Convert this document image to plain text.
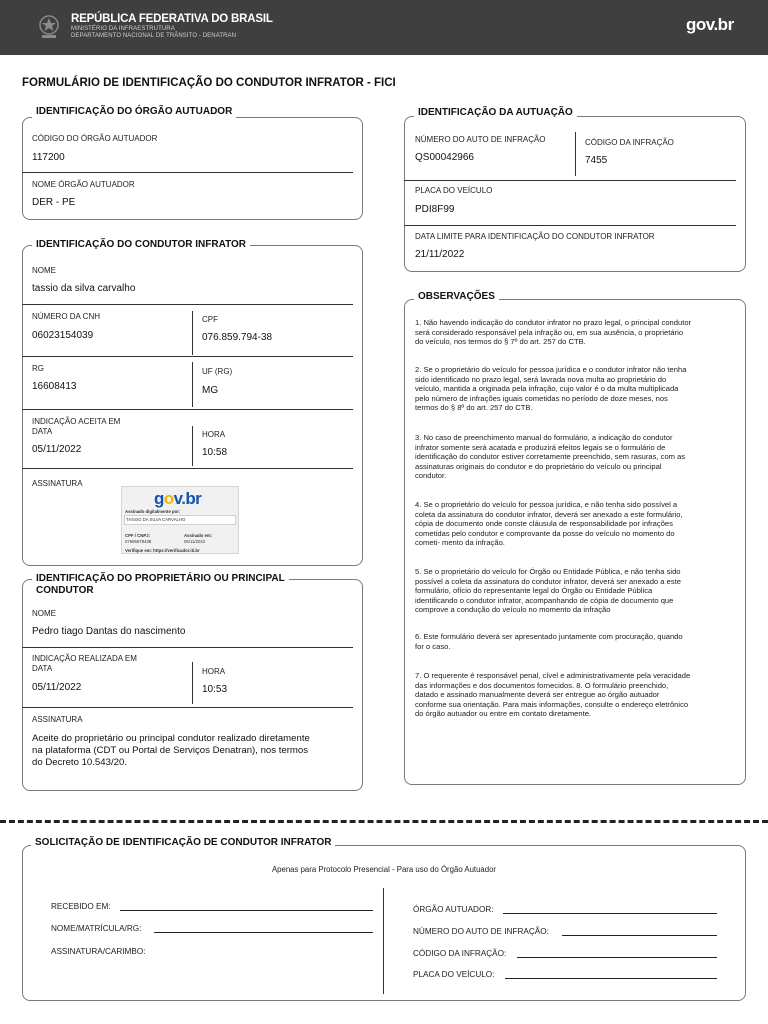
REPÚBLICA FEDERATIVA DO BRASIL
MINISTÉRIO DA INFRAESTRUTURA
DEPARTAMENTO NACIONAL DE TRÂNSITO - DENATRAN
gov.br
FORMULÁRIO DE IDENTIFICAÇÃO DO CONDUTOR INFRATOR - FICI
IDENTIFICAÇÃO DO ÓRGÃO AUTUADOR
CÓDIGO DO ÓRGÃO AUTUADOR
117200
NOME ÓRGÃO AUTUADOR
DER - PE
IDENTIFICAÇÃO DA AUTUAÇÃO
NÚMERO DO AUTO DE INFRAÇÃO
QS00042966
CÓDIGO DA INFRAÇÃO
7455
PLACA DO VEÍCULO
PDI8F99
DATA LIMITE PARA IDENTIFICAÇÃO DO CONDUTOR INFRATOR
21/11/2022
IDENTIFICAÇÃO DO CONDUTOR INFRATOR
NOME
tassio da silva carvalho
NÚMERO DA CNH
06023154039
CPF
076.859.794-38
RG
16608413
UF (RG)
MG
INDICAÇÃO ACEITA EM
DATA
05/11/2022
HORA
10:58
ASSINATURA
gov.br
Assinado digitalmente por:
TASSIO DA SILVA CARVALHO
CPF / CNPJ:
07685979438
Assinado em:
05/11/2022
Verifique em: https://verificador.iti.br
IDENTIFICAÇÃO DO PROPRIETÁRIO OU PRINCIPAL
CONDUTOR
NOME
Pedro tiago Dantas do nascimento
INDICAÇÃO REALIZADA EM
DATA
05/11/2022
HORA
10:53
ASSINATURA
Aceite do proprietário ou principal condutor realizado diretamente
na plataforma (CDT ou Portal de Serviços Denatran), nos termos
do Decreto 10.543/20.
OBSERVAÇÕES
1. Não havendo indicação do condutor infrator no prazo legal, o principal condutor
será considerado responsável pela infração ou, em sua ausência, o proprietário
do veículo, nos termos do § 7º do art. 257 do CTB.
2. Se o proprietário do veículo for pessoa jurídica e o condutor infrator não tenha
sido identificado no prazo legal, será lavrada nova multa ao proprietário do
veículo, mantida a originada pela infração, cujo valor é o da multa multiplicada
pelo número de infrações iguais cometidas no período de doze meses, nos
termos do § 8º do art. 257 do CTB.
3. No caso de preenchimento manual do formulário, a indicação do condutor
infrator somente será acatada e produzirá efeitos legais se o formulário de
identificação do condutor estiver corretamente preenchido, sem rasuras, com as
assinaturas originais do condutor e do proprietário do veículo ou principal
condutor.
4. Se o proprietário do veículo for pessoa jurídica, e não tenha sido possível a
coleta da assinatura do condutor infrator, deverá ser anexado a este formulário,
cópia de documento onde conste cláusula de responsabilidade por infrações
cometidas pelo condutor e comprovante da posse do veículo no momento do
cometi- mento da infração.
5. Se o proprietário do veículo for Órgão ou Entidade Pública, e não tenha sido
possível a coleta da assinatura do condutor infrator, deverá ser anexado a este
formulário, ofício do representante legal do Órgão ou Entidade Pública
identificando o condutor infrator, acompanhando de cópia de documento que
comprove a condução do veículo no momento da infração
6. Este formulário deverá ser apresentado juntamente com procuração, quando
for o caso.
7. O requerente é responsável penal, cível e administrativamente pela veracidade
das informações e dos documentos fornecidos. 8. O formulário preenchido,
datado e assinado manualmente deverá ser entregue ao órgão autuador
conforme sua orientação. Para mais informações, consulte o endereço eletrônico
do órgão autuador ou entre em contato diretamente.
SOLICITAÇÃO DE IDENTIFICAÇÃO DE CONDUTOR INFRATOR
Apenas para Protocolo Presencial - Para uso do Órgão Autuador
RECEBIDO EM:
NOME/MATRÍCULA/RG:
ASSINATURA/CARIMBO:
ÓRGÃO AUTUADOR:
NÚMERO DO AUTO DE INFRAÇÃO:
CÓDIGO DA INFRAÇÃO:
PLACA DO VEÍCULO:
